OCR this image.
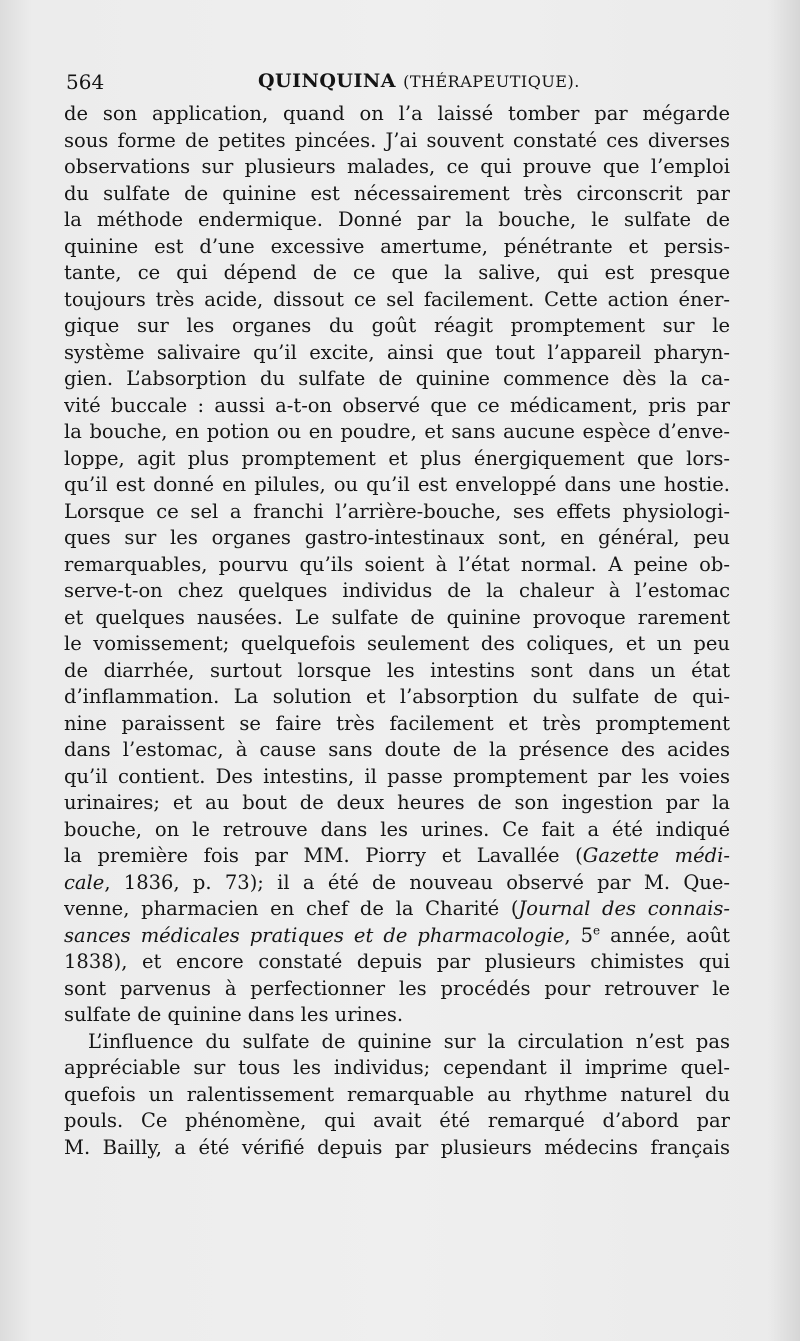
564	QUINQUINA (THÉRAPEUTIQUE).
de son application, quand on l’a laissé tomber par mégarde
sous forme de petites pincées. J’ai souvent constaté ces diverses
observations sur plusieurs malades, ce qui prouve que l’emploi
du sulfate de quinine est nécessairement très circonscrit par
la méthode endermique. Donné par la bouche, le sulfate de
quinine est d’une excessive amertume, pénétrante et persis-
tante, ce qui dépend de ce que la salive, qui est presque
toujours très acide, dissout ce sel facilement. Cette action éner-
gique sur les organes du goût réagit promptement sur le
système salivaire qu’il excite, ainsi que tout l’appareil pharyn-
gien. L’absorption du sulfate de quinine commence dès la ca-
vité buccale : aussi a-t-on observé que ce médicament, pris par
la bouche, en potion ou en poudre, et sans aucune espèce d’enve-
loppe, agit plus promptement et plus énergiquement que lors-
qu’il est donné en pilules, ou qu’il est enveloppé dans une hostie.
Lorsque ce sel a franchi l’arrière-bouche, ses effets physiologi-
ques sur les organes gastro-intestinaux sont, en général, peu
remarquables, pourvu qu’ils soient à l’état normal. A peine ob-
serve-t-on chez quelques individus de la chaleur à l’estomac
et quelques nausées. Le sulfate de quinine provoque rarement
le vomissement; quelquefois seulement des coliques, et un peu
de diarrhée, surtout lorsque les intestins sont dans un état
d’inflammation. La solution et l’absorption du sulfate de qui-
nine paraissent se faire très facilement et très promptement
dans l’estomac, à cause sans doute de la présence des acides
qu’il contient. Des intestins, il passe promptement par les voies
urinaires; et au bout de deux heures de son ingestion par la
bouche, on le retrouve dans les urines. Ce fait a été indiqué
la première fois par MM. Piorry et Lavallée (Gazette médi-
cale, 1836, p. 73); il a été de nouveau observé par M. Que-
venne, pharmacien en chef de la Charité (Journal des connais-
sances médicales pratiques et de pharmacologie, 5e année, août
1838), et encore constaté depuis par plusieurs chimistes qui
sont parvenus à perfectionner les procédés pour retrouver le
sulfate de quinine dans les urines.
L’influence du sulfate de quinine sur la circulation n’est pas
appréciable sur tous les individus; cependant il imprime quel-
quefois un ralentissement remarquable au rhythme naturel du
pouls. Ce phénomène, qui avait été remarqué d’abord par
M. Bailly, a été vérifié depuis par plusieurs médecins français
